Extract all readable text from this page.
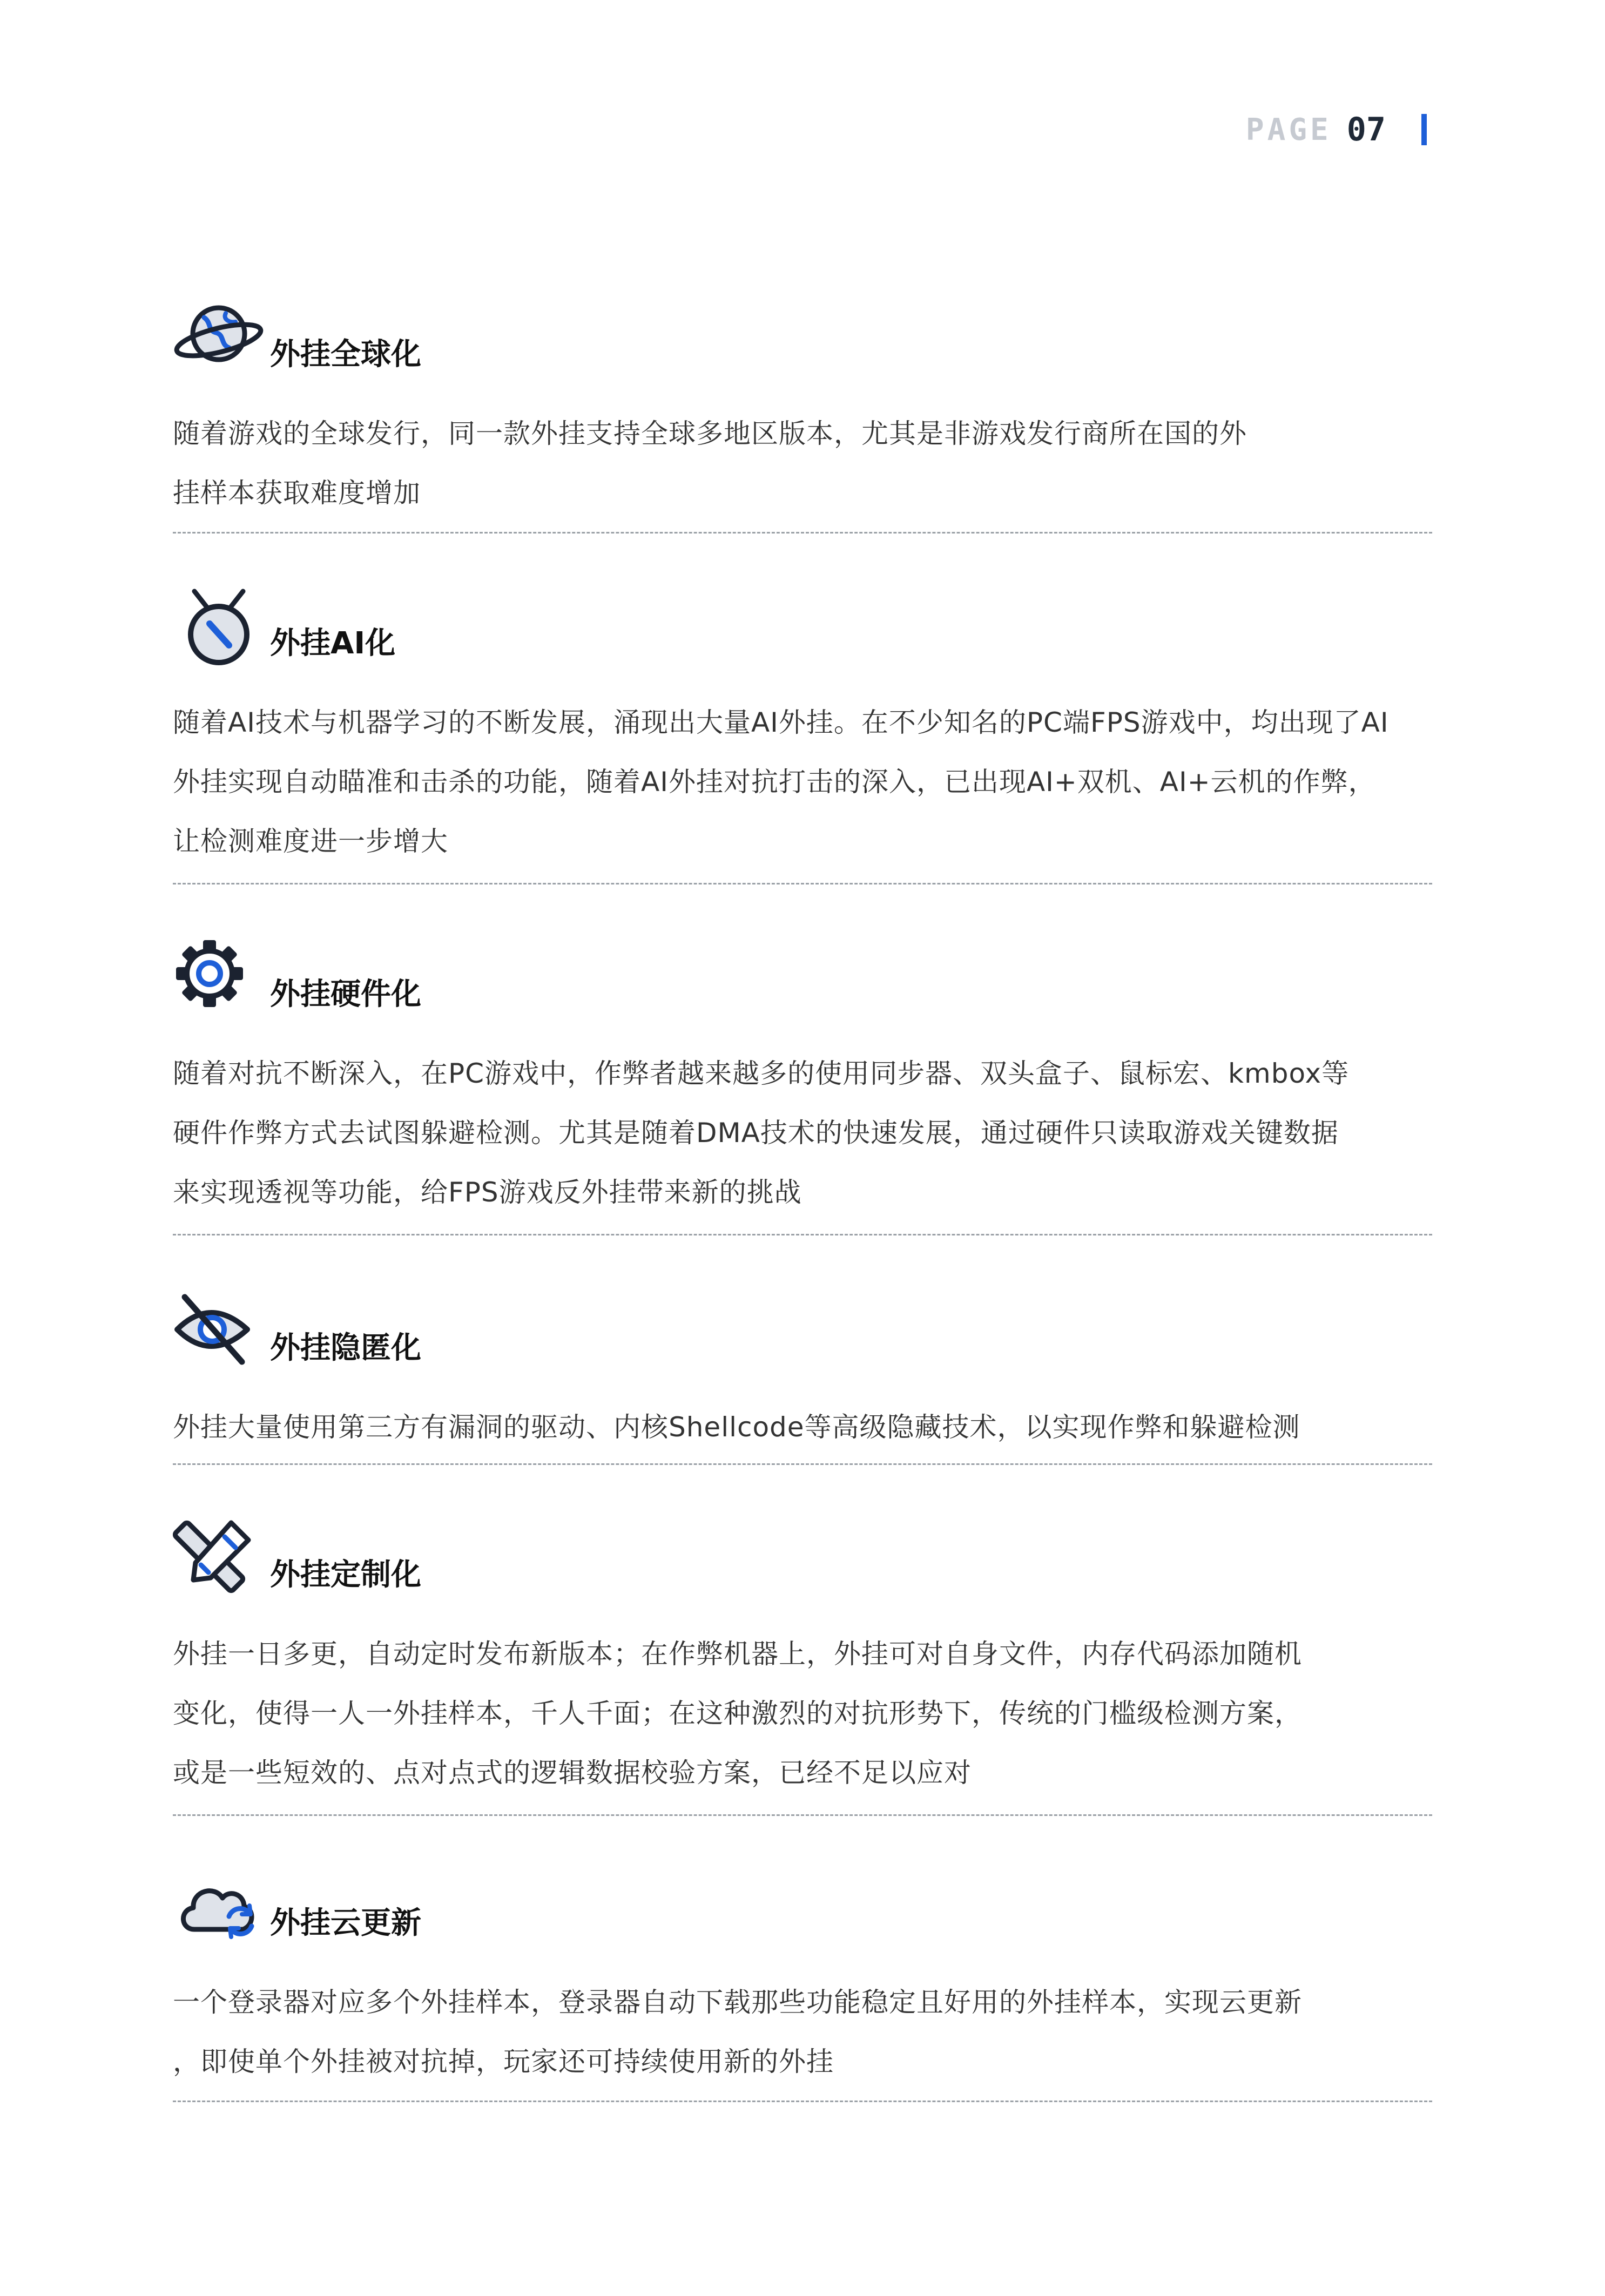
PAGE 07
外挂全球化
随着游戏的全球发行，同一款外挂支持全球多地区版本，尤其是非游戏发行商所在国的外
挂样本获取难度增加
外挂AI化
随着AI技术与机器学习的不断发展，涌现出大量AI外挂。在不少知名的PC端FPS游戏中，均出现了AI
外挂实现自动瞄准和击杀的功能，随着AI外挂对抗打击的深入，已出现AI+双机、AI+云机的作弊，
让检测难度进一步增大
外挂硬件化
随着对抗不断深入，在PC游戏中，作弊者越来越多的使用同步器、双头盒子、鼠标宏、kmbox等
硬件作弊方式去试图躲避检测。尤其是随着DMA技术的快速发展，通过硬件只读取游戏关键数据
来实现透视等功能，给FPS游戏反外挂带来新的挑战
外挂隐匿化
外挂大量使用第三方有漏洞的驱动、内核Shellcode等高级隐藏技术，以实现作弊和躲避检测
外挂定制化
外挂一日多更，自动定时发布新版本；在作弊机器上，外挂可对自身文件，内存代码添加随机
变化，使得一人一外挂样本，千人千面；在这种激烈的对抗形势下，传统的门槛级检测方案，
或是一些短效的、点对点式的逻辑数据校验方案，已经不足以应对
外挂云更新
一个登录器对应多个外挂样本，登录器自动下载那些功能稳定且好用的外挂样本，实现云更新
，即使单个外挂被对抗掉，玩家还可持续使用新的外挂
